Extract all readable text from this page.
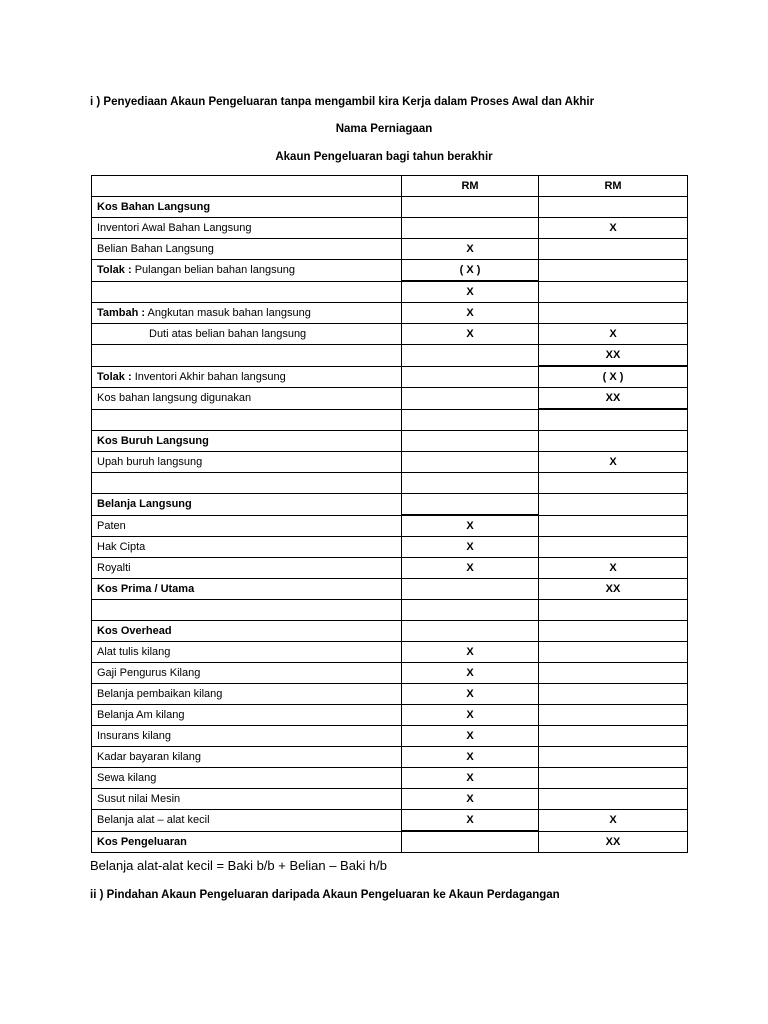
i ) Penyediaan Akaun Pengeluaran tanpa mengambil kira Kerja dalam Proses Awal dan Akhir
Nama Perniagaan
Akaun Pengeluaran bagi tahun berakhir
	RM	RM
Kos Bahan Langsung		
Inventori Awal Bahan Langsung		X
Belian Bahan Langsung	X	
Tolak : Pulangan belian bahan langsung	( X )	
	X	
Tambah : Angkutan masuk bahan langsung	X	
Duti atas belian bahan langsung	X	X
		XX
Tolak : Inventori Akhir bahan langsung		( X )
Kos bahan langsung digunakan		XX

Kos Buruh Langsung		
Upah buruh langsung		X

Belanja Langsung		
Paten	X	
Hak Cipta	X	
Royalti	X	X
Kos Prima / Utama		XX

Kos Overhead		
Alat tulis kilang	X	
Gaji Pengurus Kilang	X	
Belanja pembaikan kilang	X	
Belanja Am kilang	X	
Insurans kilang	X	
Kadar bayaran kilang	X	
Sewa kilang	X	
Susut nilai Mesin	X	
Belanja alat – alat kecil	X	X
Kos Pengeluaran		XX
Belanja alat-alat kecil = Baki b/b + Belian – Baki h/b
ii ) Pindahan Akaun Pengeluaran daripada Akaun Pengeluaran ke Akaun Perdagangan
